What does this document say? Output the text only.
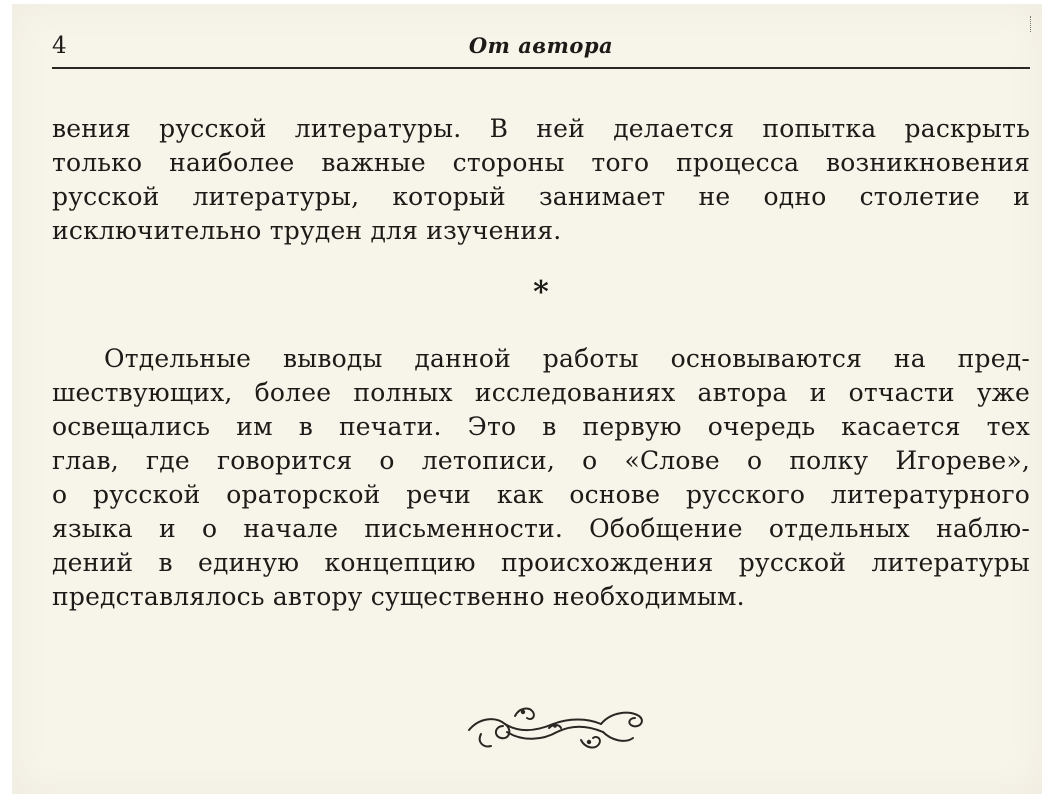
4	От автора

вения русской литературы. В ней делается попытка раскрыть
только наиболее важные стороны того процесса возникновения
русской литературы, который занимает не одно столетие и
исключительно труден для изучения.

*

Отдельные выводы данной работы основываются на пред-
шествующих, более полных исследованиях автора и отчасти уже
освещались им в печати. Это в первую очередь касается тех
глав, где говорится о летописи, о «Слове о полку Игореве»,
о русской ораторской речи как основе русского литературного
языка и о начале письменности. Обобщение отдельных наблю-
дений в единую концепцию происхождения русской литературы
представлялось автору существенно необходимым.
